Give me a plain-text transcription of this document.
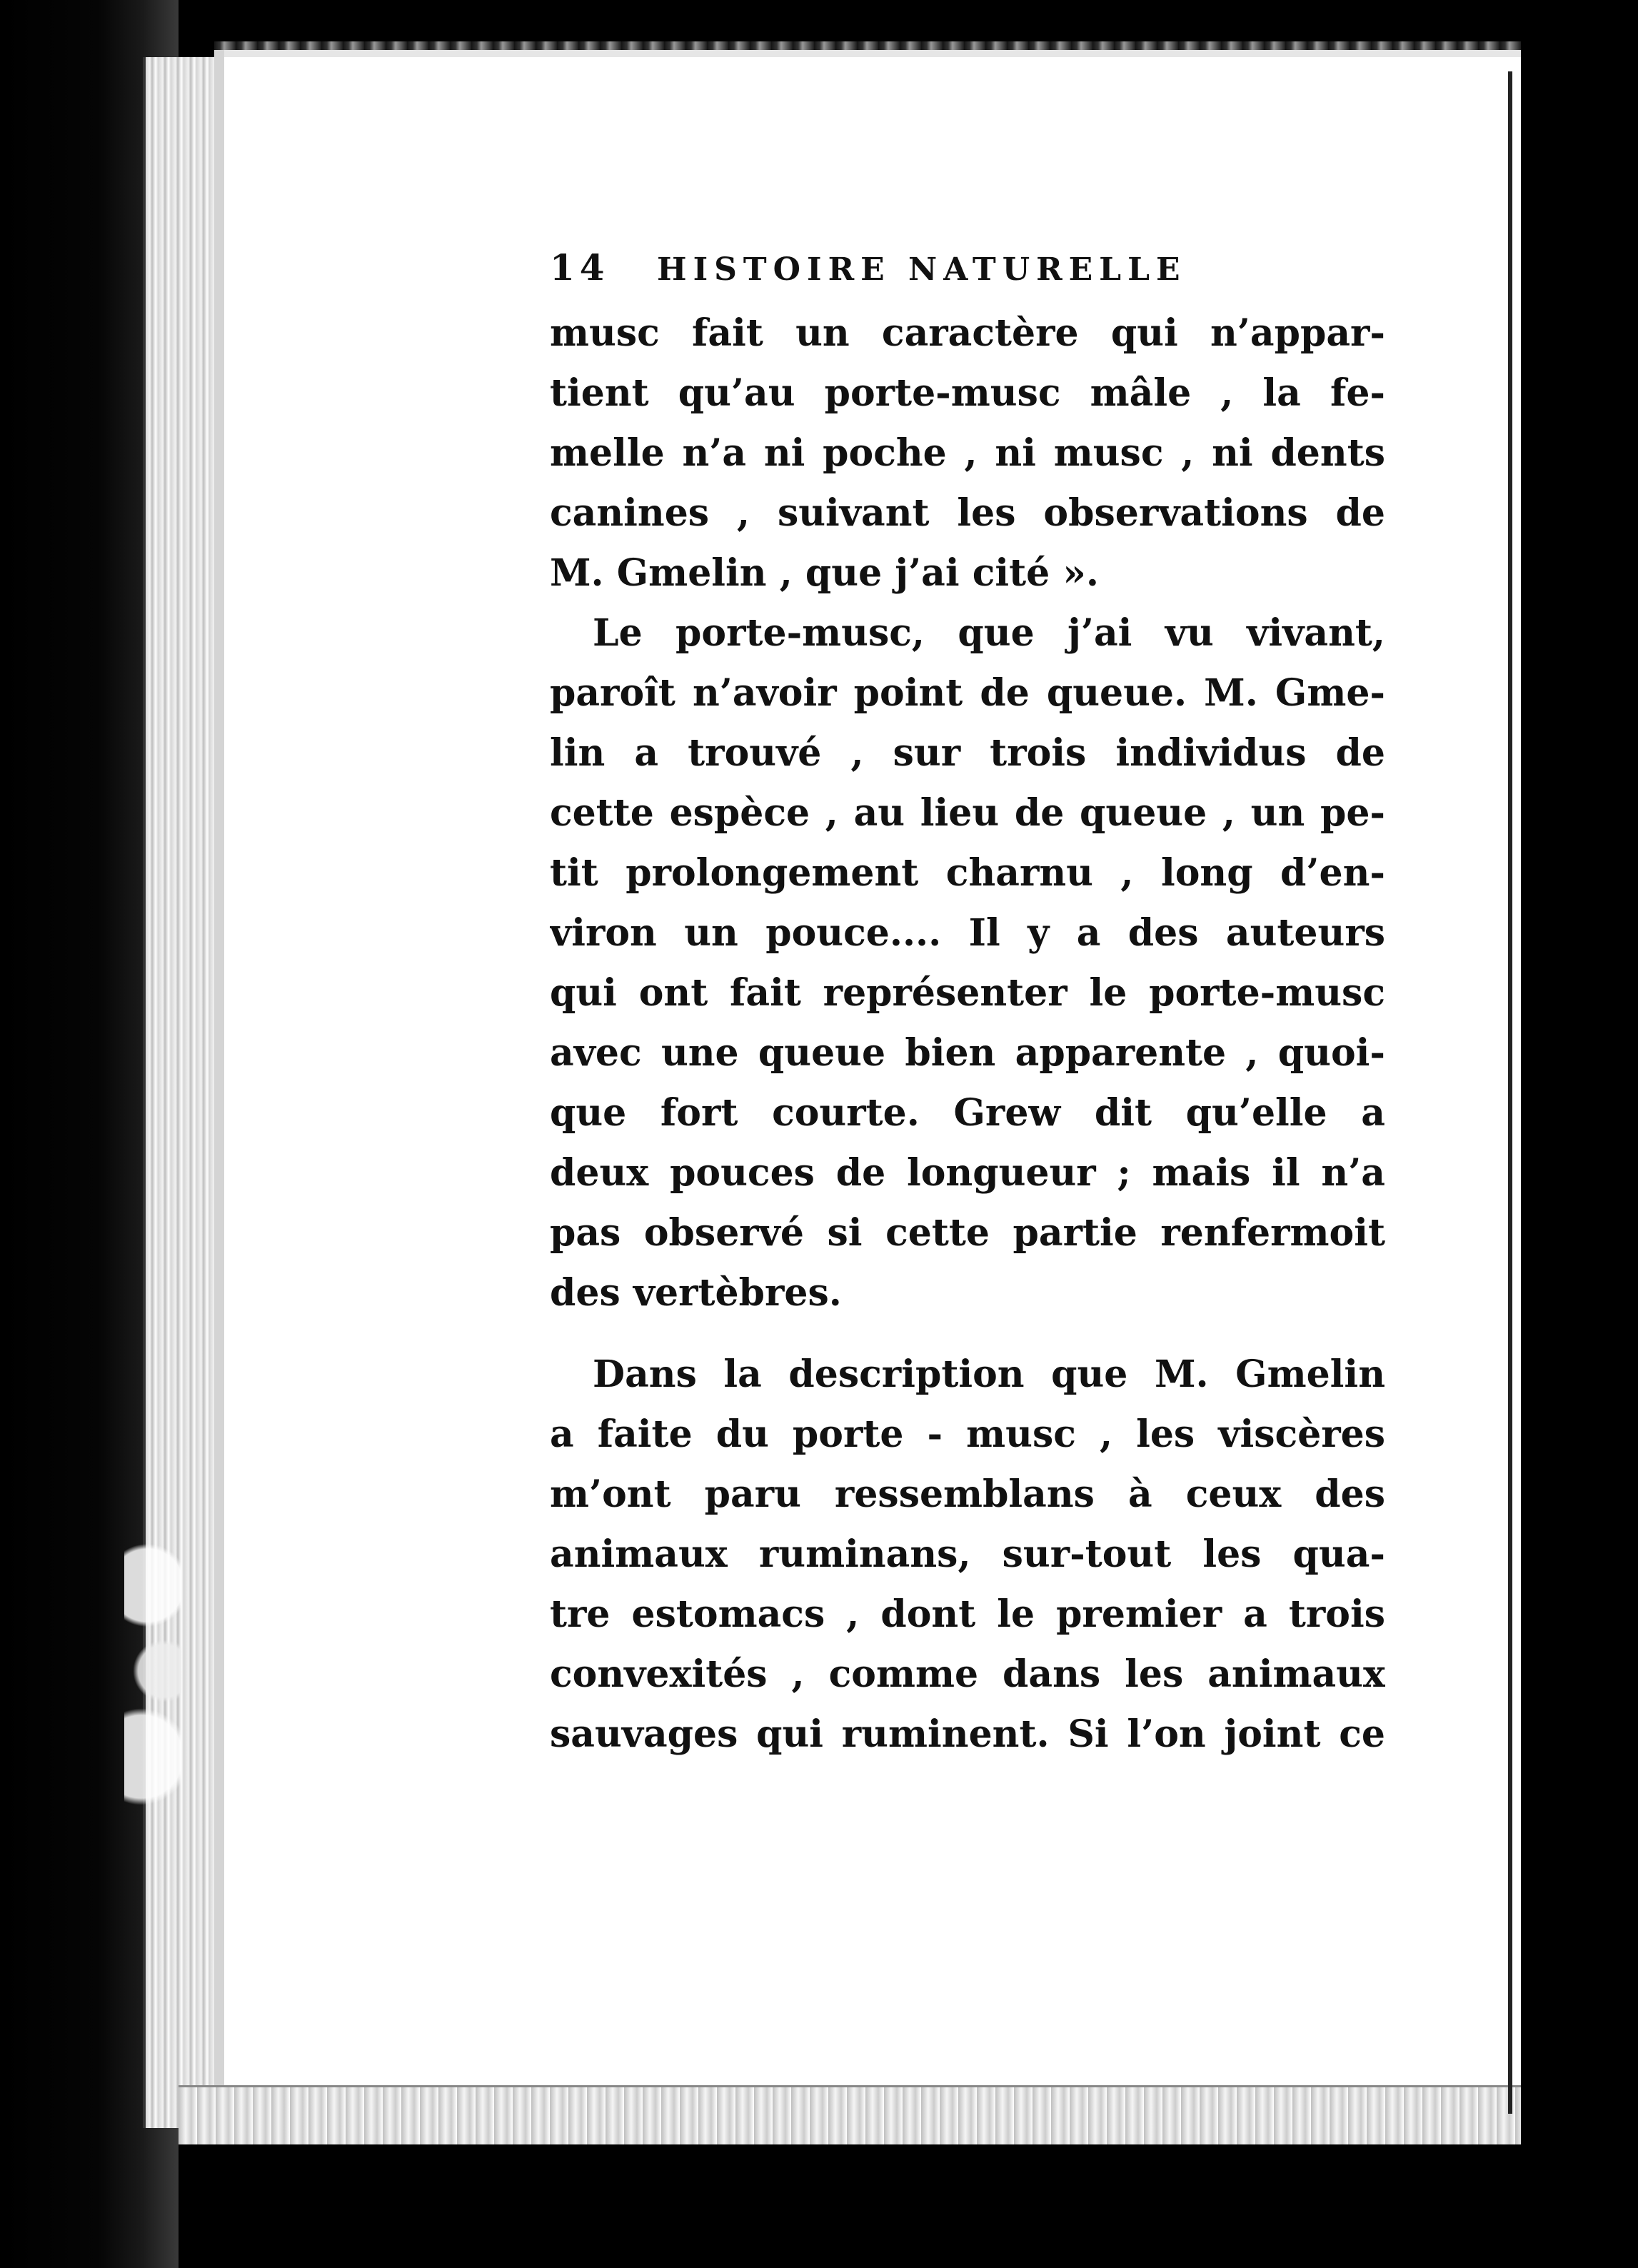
14	HISTOIRE NATURELLE
musc fait un caractère qui n’appar-
tient qu’au porte-musc mâle , la fe-
melle n’a ni poche , ni musc , ni dents
canines , suivant les observations de
M. Gmelin , que j’ai cité ».
Le porte-musc, que j’ai vu vivant,
paroît n’avoir point de queue. M. Gme-
lin a trouvé , sur trois individus de
cette espèce , au lieu de queue , un pe-
tit prolongement charnu , long d’en-
viron un pouce.... Il y a des auteurs
qui ont fait représenter le porte-musc
avec une queue bien apparente , quoi-
que fort courte. Grew dit qu’elle a
deux pouces de longueur ; mais il n’a
pas observé si cette partie renfermoit
des vertèbres.
Dans la description que M. Gmelin
a faite du porte - musc , les viscères
m’ont paru ressemblans à ceux des
animaux ruminans, sur-tout les qua-
tre estomacs , dont le premier a trois
convexités , comme dans les animaux
sauvages qui ruminent. Si l’on joint ce
